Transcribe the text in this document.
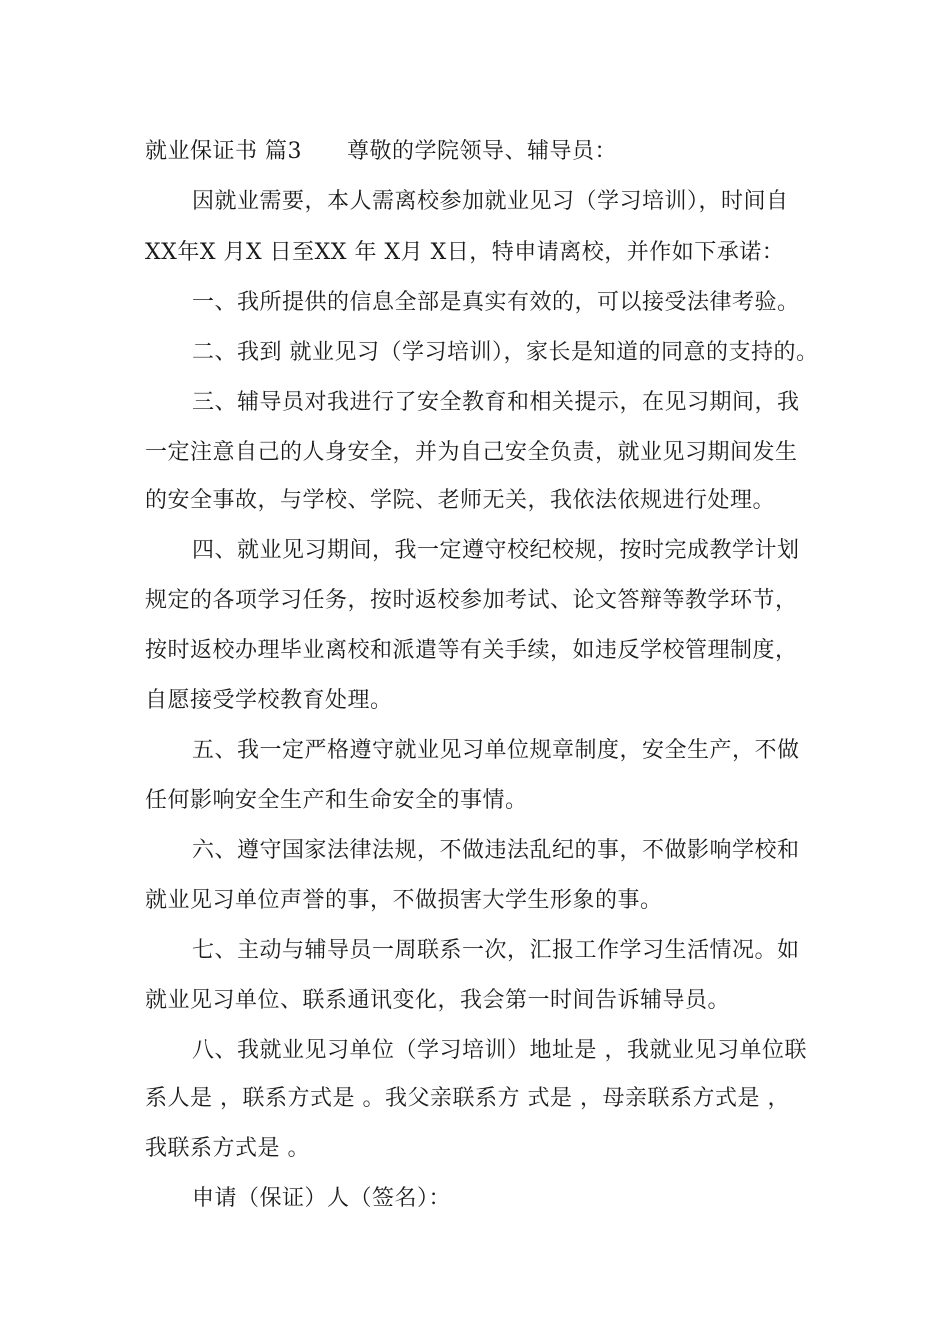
就业保证书 篇3　　尊敬的学院领导、辅导员：
因就业需要，本人需离校参加就业见习（学习培训），时间自
XX年X 月X 日至XX 年 X月 X日，特申请离校，并作如下承诺：
一、我所提供的信息全部是真实有效的，可以接受法律考验。
二、我到 就业见习（学习培训），家长是知道的同意的支持的。
三、辅导员对我进行了安全教育和相关提示，在见习期间，我
一定注意自己的人身安全，并为自己安全负责，就业见习期间发生
的安全事故，与学校、学院、老师无关，我依法依规进行处理。
四、就业见习期间，我一定遵守校纪校规，按时完成教学计划
规定的各项学习任务，按时返校参加考试、论文答辩等教学环节，
按时返校办理毕业离校和派遣等有关手续，如违反学校管理制度，
自愿接受学校教育处理。
五、我一定严格遵守就业见习单位规章制度，安全生产，不做
任何影响安全生产和生命安全的事情。
六、遵守国家法律法规，不做违法乱纪的事，不做影响学校和
就业见习单位声誉的事，不做损害大学生形象的事。
七、主动与辅导员一周联系一次，汇报工作学习生活情况。如
就业见习单位、联系通讯变化，我会第一时间告诉辅导员。
八、我就业见习单位（学习培训）地址是 ，我就业见习单位联
系人是 ，联系方式是 。我父亲联系方 式是 ，母亲联系方式是 ，
我联系方式是 。
申请（保证）人（签名）：
